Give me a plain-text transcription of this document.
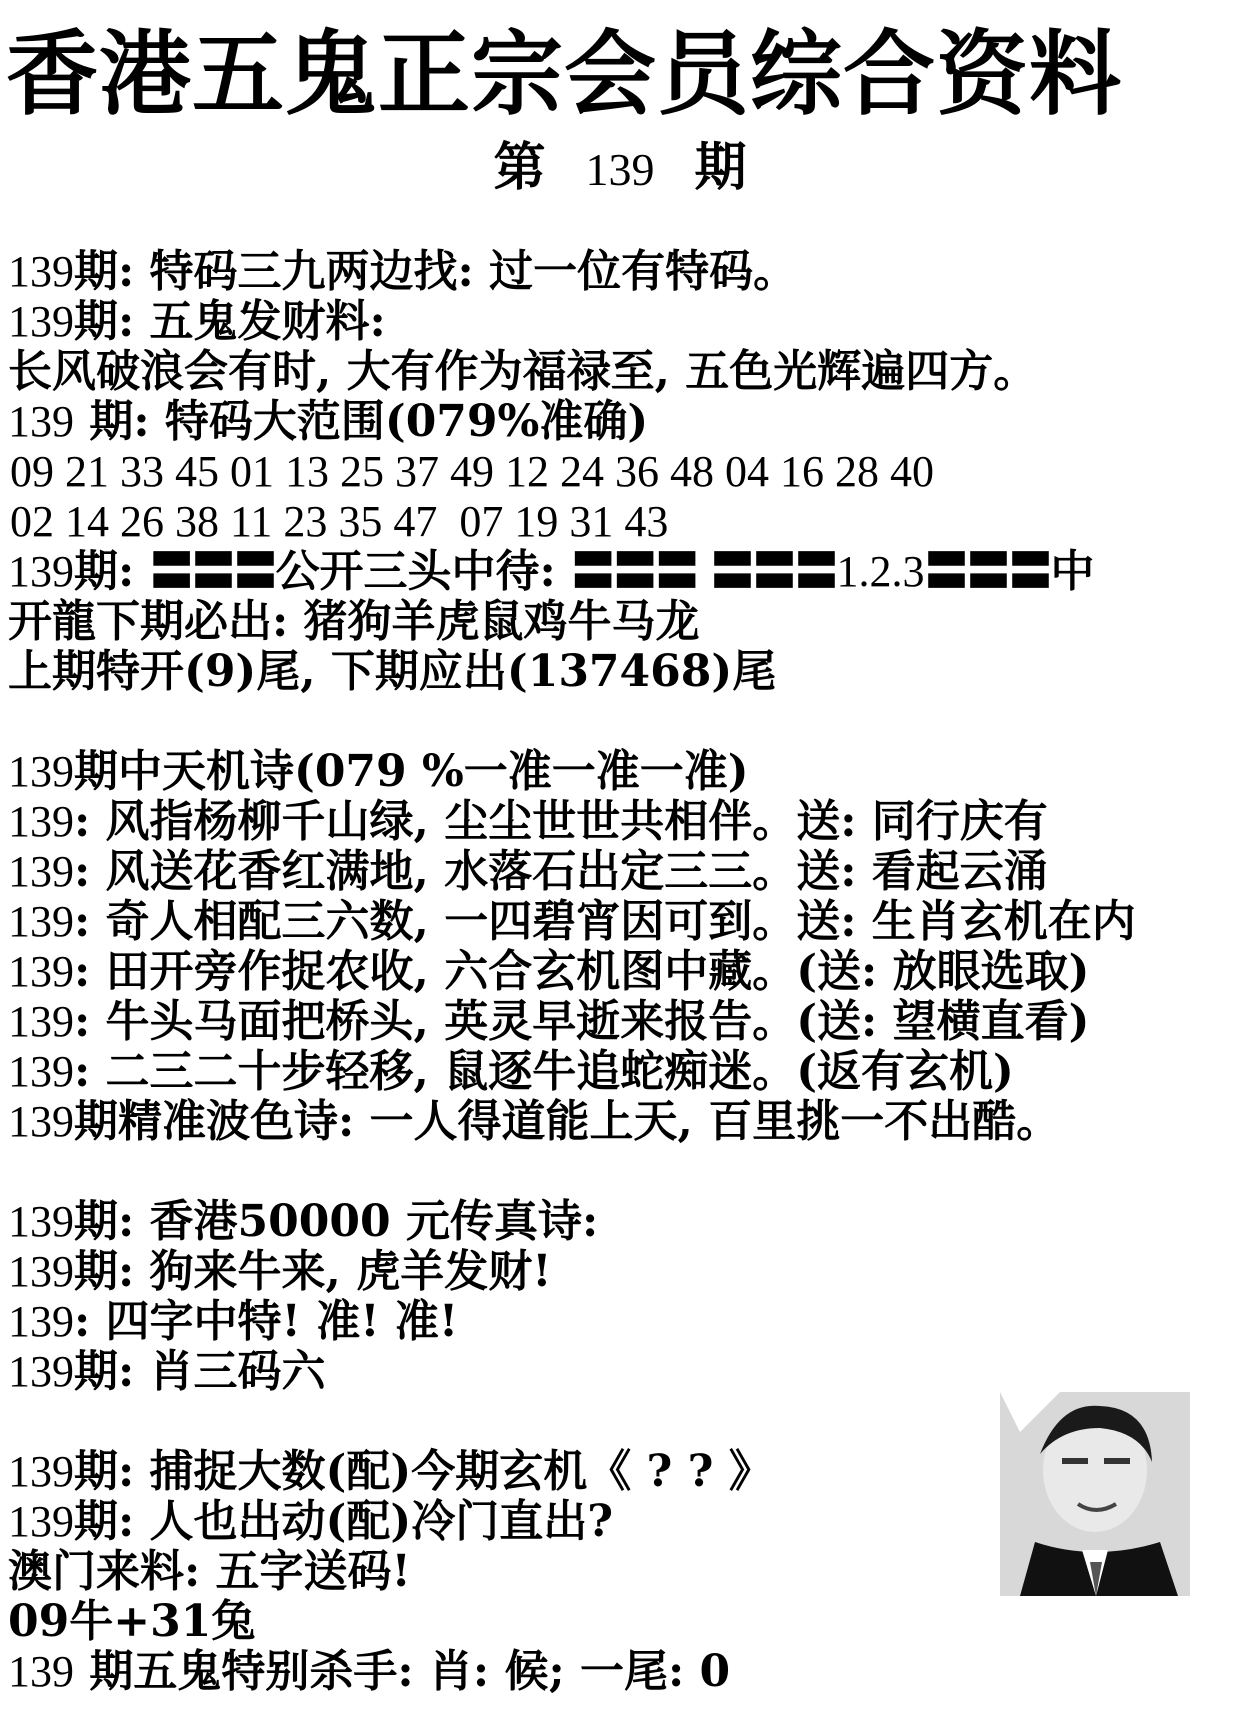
香港五鬼正宗会员综合资料
第 139 期
139期: 特码三九两边找: 过一位有特码。
139期: 五鬼发财料:
长风破浪会有时, 大有作为福禄至, 五色光辉遍四方。
139 期: 特码大范围(079%准确)
09 21 33 45 01 13 25 37 49 12 24 36 48 04 16 28 40
02 14 26 38 11 23 35 47  07 19 31 43
139期: 〓〓〓公开三头中待: 〓〓〓 〓〓〓1.2.3〓〓〓中
开龍下期必出: 猪狗羊虎鼠鸡牛马龙
上期特开(9)尾, 下期应出(137468)尾
139期中天机诗(079 %一准一准一准)
139: 风指杨柳千山绿, 尘尘世世共相伴。送: 同行庆有
139: 风送花香红满地, 水落石出定三三。送: 看起云涌
139: 奇人相配三六数, 一四碧宵因可到。送: 生肖玄机在内
139: 田开旁作捉农收, 六合玄机图中藏。(送: 放眼选取)
139: 牛头马面把桥头, 英灵早逝来报告。(送: 望横直看)
139: 二三二十步轻移, 鼠逐牛追蛇痴迷。(返有玄机)
139期精准波色诗: 一人得道能上天, 百里挑一不出酷。
139期: 香港50000 元传真诗:
139期: 狗来牛来, 虎羊发财!
139: 四字中特! 准! 准!
139期: 肖三码六
139期: 捕捉大数(配)今期玄机《 ? ? 》
139期: 人也出动(配)冷门直出?
澳门来料: 五字送码!
09牛+31兔
139 期五鬼特别杀手: 肖: 候; 一尾: 0
